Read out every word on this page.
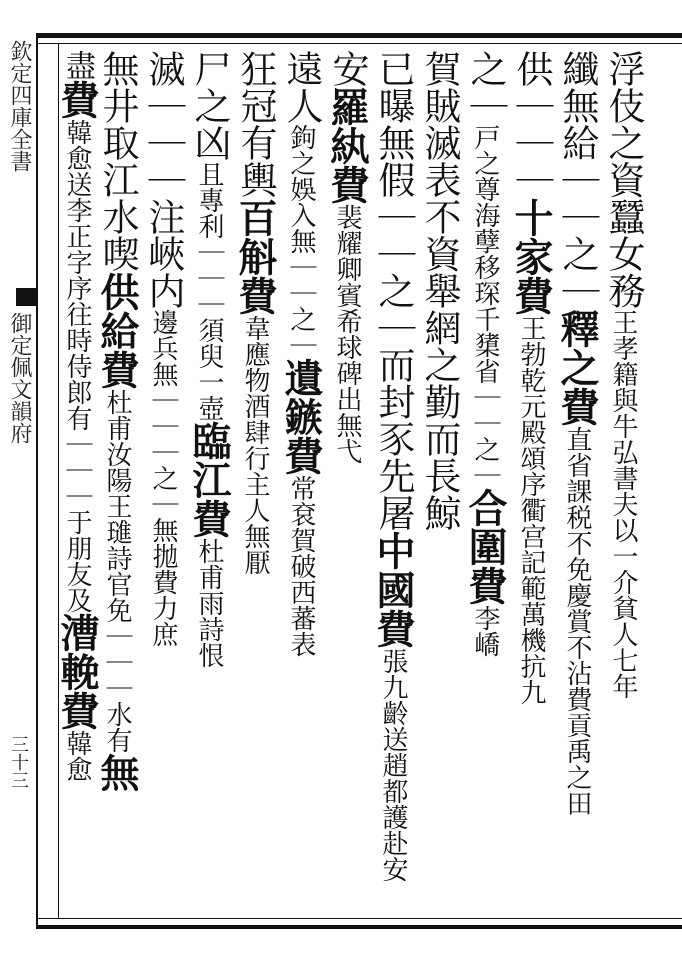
欽定四庫全書
御定佩文韻府
三十三
浮伎之資蠶女務王孝籍與牛弘書夫以一介貧人七年
纖無給｜｜之｜釋之費直省課税不免慶賞不沾費貢禹之田
供｜｜｜十家費王勃乾元殿頌序衢宫記範萬機抗九
之｜戸之尊海孽移琛千橥省｜｜之｜合圍費李嶠
賀賊滅表不資舉網之勤而長鯨
已曝無假｜｜之｜而封豕先屠中國費張九齡送趙都護赴安
安羅紈費裴耀卿賓希球碑出無弋
遠人鉤之娛入無｜｜之｜遺鏃費常袞賀破西蕃表
狂冠有輿百斛費韋應物酒肆行主人無厭
尸之凶且專利｜｜｜須臾一壺臨江費杜甫雨詩恨
滅｜｜｜注峽内邊兵無｜｜｜之｜無拋費力庶
無井取江水喫供給費杜甫汝陽王璡詩官免｜｜｜水有無
盡費韓愈送李正字序往時侍郎有｜｜｜于朋友及漕輓費韓愈
